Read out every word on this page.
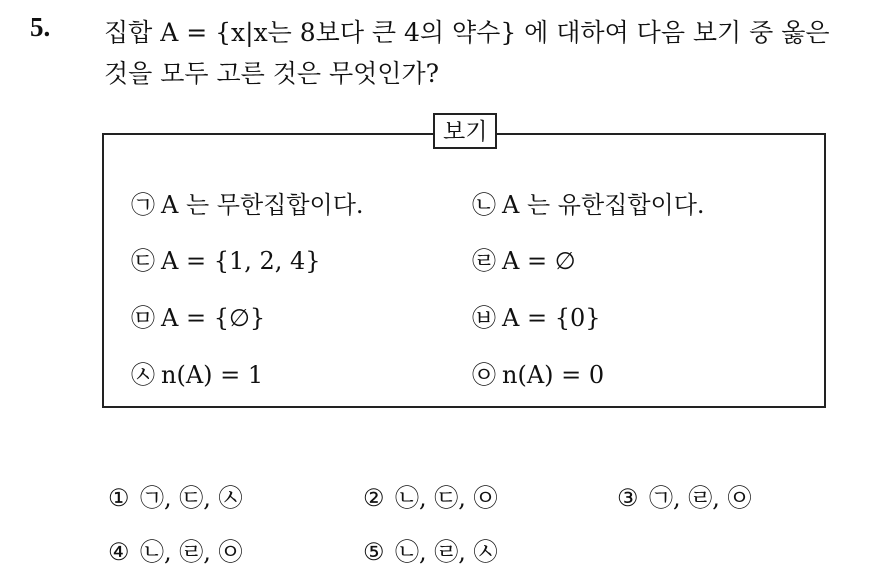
5. 집합 A = {x|x는 8보다 큰 4의 약수} 에 대하여 다음 보기 중 옳은
것을 모두 고른 것은 무엇인가?
보기
㉠ A 는 무한집합이다.	㉡ A 는 유한집합이다.
㉢ A = {1, 2, 4}	㉣ A = ∅
㉤ A = {∅}	㉥ A = {0}
㉦ n(A) = 1	㉧ n(A) = 0
① ㉠, ㉢, ㉦	② ㉡, ㉢, ㉧	③ ㉠, ㉣, ㉧
④ ㉡, ㉣, ㉧	⑤ ㉡, ㉣, ㉦
